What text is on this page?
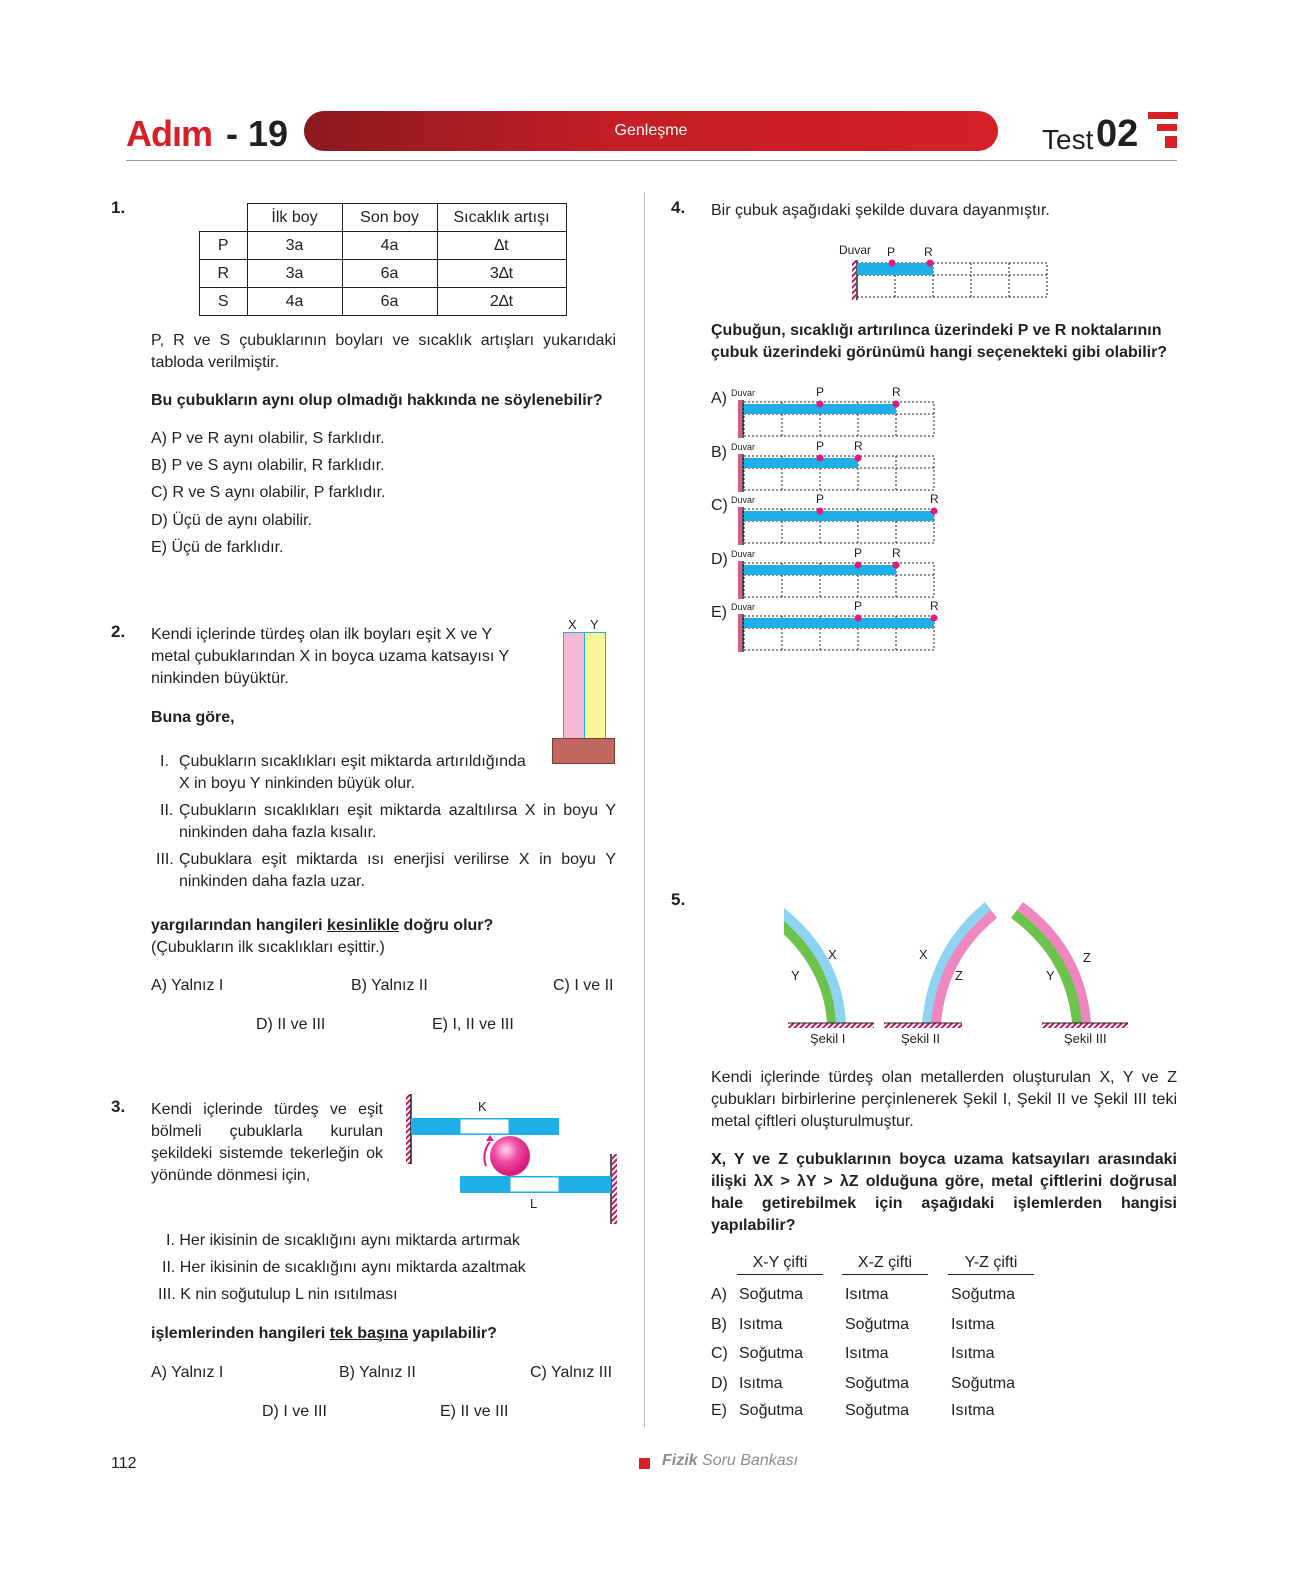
Adım - 19	Genleşme	Test 02
1.
		İlk boy	Son boy	Sıcaklık artışı
P	3a	4a	∆t
R	3a	6a	3∆t
S	4a	6a	2∆t
P, R ve S çubuklarının boyları ve sıcaklık artışları yukarıdaki tabloda verilmiştir.
Bu çubukların aynı olup olmadığı hakkında ne söylenebilir?
A) P ve R aynı olabilir, S farklıdır.
B) P ve S aynı olabilir, R farklıdır.
C) R ve S aynı olabilir, P farklıdır.
D) Üçü de aynı olabilir.
E) Üçü de farklıdır.
2. Kendi içlerinde türdeş olan ilk boyları eşit X ve Y metal çubuklarından X in boyca uzama katsayısı Y ninkinden büyüktür.
X Y
Buna göre,
I. Çubukların sıcaklıkları eşit miktarda artırıldığında X in boyu Y ninkinden büyük olur.
II. Çubukların sıcaklıkları eşit miktarda azaltılırsa X in boyu Y ninkinden daha fazla kısalır.
III. Çubuklara eşit miktarda ısı enerjisi verilirse X in boyu Y ninkinden daha fazla uzar.
yargılarından hangileri kesinlikle doğru olur?
(Çubukların ilk sıcaklıkları eşittir.)
A) Yalnız I	B) Yalnız II	C) I ve II
D) II ve III	E) I, II ve III
3. Kendi içlerinde türdeş ve eşit bölmeli çubuklarla kurulan şekildeki sistemde tekerleğin ok yönünde dönmesi için,
K
L
I. Her ikisinin de sıcaklığını aynı miktarda artırmak
II. Her ikisinin de sıcaklığını aynı miktarda azaltmak
III. K nin soğutulup L nin ısıtılması
işlemlerinden hangileri tek başına yapılabilir?
A) Yalnız I	B) Yalnız II	C) Yalnız III
D) I ve III	E) II ve III
4. Bir çubuk aşağıdaki şekilde duvara dayanmıştır.
Duvar P R
Çubuğun, sıcaklığı artırılınca üzerindeki P ve R noktalarının çubuk üzerindeki görünümü hangi seçenekteki gibi olabilir?
A) Duvar	P	R
B) Duvar	P R
C) Duvar	P	R
D) Duvar	P R
E) Duvar	P	R
5.
X
Y
X
Z
Z
Y
Şekil I	Şekil II	Şekil III
Kendi içlerinde türdeş olan metallerden oluşturulan X, Y ve Z çubukları birbirlerine perçinlenerek Şekil I, Şekil II ve Şekil III teki metal çiftleri oluşturulmuştur.
X, Y ve Z çubuklarının boyca uzama katsayıları arasındaki ilişki λX > λY > λZ olduğuna göre, metal çiftlerini doğrusal hale getirebilmek için aşağıdaki işlemlerden hangisi yapılabilir?
X-Y çifti	X-Z çifti	Y-Z çifti
A) Soğutma	Isıtma	Soğutma
B) Isıtma	Soğutma	Isıtma
C) Soğutma	Isıtma	Isıtma
D) Isıtma	Soğutma	Soğutma
E) Soğutma	Soğutma	Isıtma
112	Fizik Soru Bankası
